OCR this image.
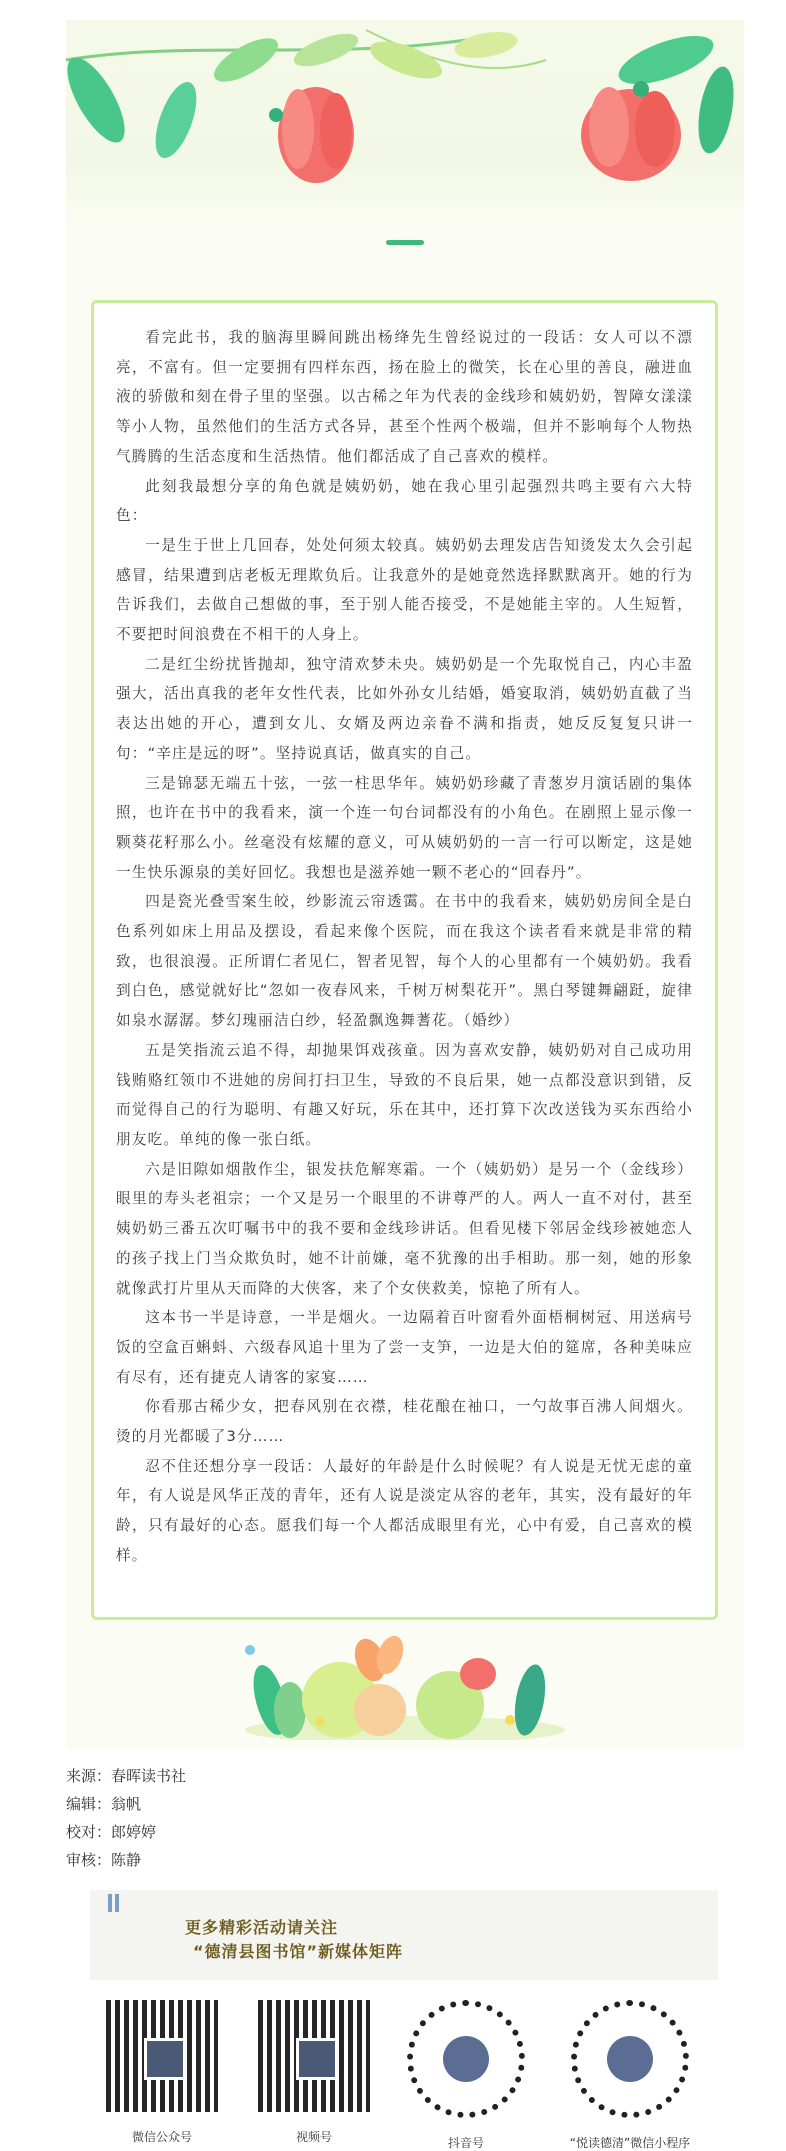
看完此书，我的脑海里瞬间跳出杨绛先生曾经说过的一段话：女人可以不漂亮，不富有。但一定要拥有四样东西，扬在脸上的微笑，长在心里的善良，融进血液的骄傲和刻在骨子里的坚强。以古稀之年为代表的金线珍和姨奶奶，智障女漾漾等小人物，虽然他们的生活方式各异，甚至个性两个极端，但并不影响每个人物热气腾腾的生活态度和生活热情。他们都活成了自己喜欢的模样。

此刻我最想分享的角色就是姨奶奶，她在我心里引起强烈共鸣主要有六大特色：

一是生于世上几回春，处处何须太较真。姨奶奶去理发店告知烫发太久会引起感冒，结果遭到店老板无理欺负后。让我意外的是她竟然选择默默离开。她的行为告诉我们，去做自己想做的事，至于别人能否接受，不是她能主宰的。人生短暂，不要把时间浪费在不相干的人身上。

二是红尘纷扰皆抛却，独守清欢梦未央。姨奶奶是一个先取悦自己，内心丰盈强大，活出真我的老年女性代表，比如外孙女儿结婚，婚宴取消，姨奶奶直截了当表达出她的开心，遭到女儿、女婿及两边亲眷不满和指责，她反反复复只讲一句：“辛庄是远的呀”。坚持说真话，做真实的自己。

三是锦瑟无端五十弦，一弦一柱思华年。姨奶奶珍藏了青葱岁月演话剧的集体照，也许在书中的我看来，演一个连一句台词都没有的小角色。在剧照上显示像一颗葵花籽那么小。丝毫没有炫耀的意义，可从姨奶奶的一言一行可以断定，这是她一生快乐源泉的美好回忆。我想也是滋养她一颗不老心的“回春丹”。

四是瓷光叠雪案生皎，纱影流云帘透霭。在书中的我看来，姨奶奶房间全是白色系列如床上用品及摆设，看起来像个医院，而在我这个读者看来就是非常的精致，也很浪漫。正所谓仁者见仁，智者见智，每个人的心里都有一个姨奶奶。我看到白色，感觉就好比“忽如一夜春风来，千树万树梨花开”。黑白琴键舞翩跹，旋律如泉水潺潺。梦幻瑰丽洁白纱，轻盈飘逸舞蓍花。（婚纱）

五是笑指流云追不得，却抛果饵戏孩童。因为喜欢安静，姨奶奶对自己成功用钱贿赂红领巾不进她的房间打扫卫生，导致的不良后果，她一点都没意识到错，反而觉得自己的行为聪明、有趣又好玩，乐在其中，还打算下次改送钱为买东西给小朋友吃。单纯的像一张白纸。

六是旧隙如烟散作尘，银发扶危解寒霜。一个（姨奶奶）是另一个（金线珍）眼里的寿头老祖宗；一个又是另一个眼里的不讲尊严的人。两人一直不对付，甚至姨奶奶三番五次叮嘱书中的我不要和金线珍讲话。但看见楼下邻居金线珍被她恋人的孩子找上门当众欺负时，她不计前嫌，毫不犹豫的出手相助。那一刻，她的形象就像武打片里从天而降的大侠客，来了个女侠救美，惊艳了所有人。

这本书一半是诗意，一半是烟火。一边隔着百叶窗看外面梧桐树冠、用送病号饭的空盒百蝌蚪、六级春风追十里为了尝一支笋，一边是大伯的筵席，各种美味应有尽有，还有捷克人请客的家宴……

你看那古稀少女，把春风别在衣襟，桂花酿在袖口，一勺故事百沸人间烟火。烫的月光都暖了3分……

忍不住还想分享一段话：人最好的年龄是什么时候呢？有人说是无忧无虑的童年，有人说是风华正茂的青年，还有人说是淡定从容的老年，其实，没有最好的年龄，只有最好的心态。愿我们每一个人都活成眼里有光，心中有爱，自己喜欢的模样。

来源：春晖读书社
编辑：翁帆
校对：郎婷婷
审核：陈静
更多精彩活动请关注
“德清县图书馆”新媒体矩阵
微信公众号	视频号	抖音号	“悦读德清”微信小程序
